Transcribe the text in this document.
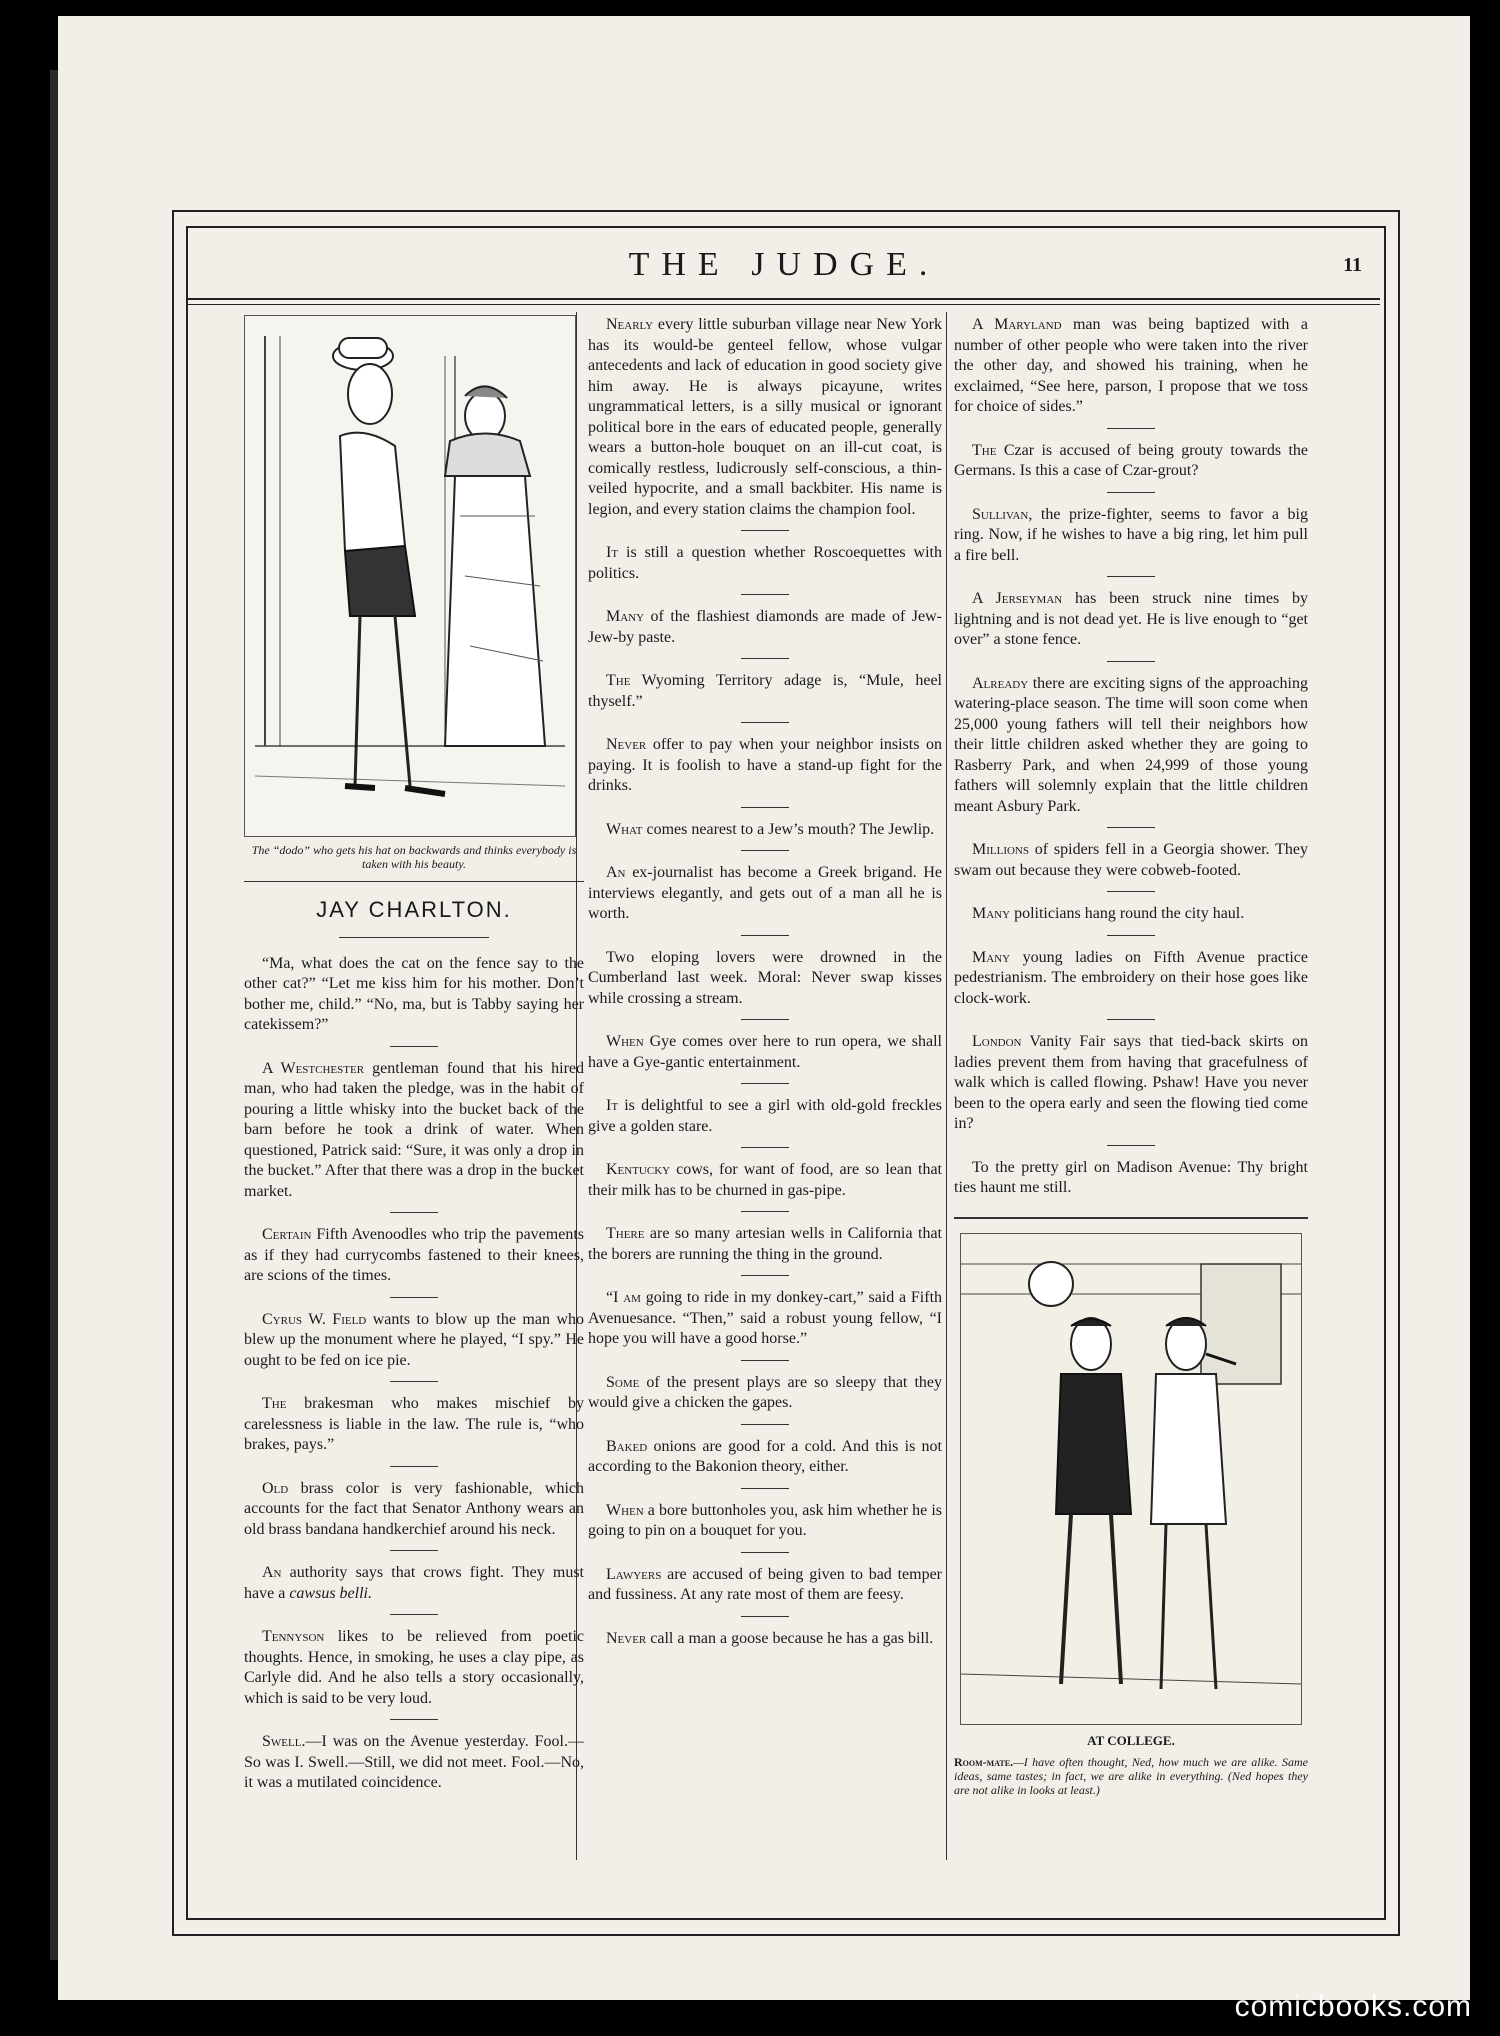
THE JUDGE.	11
The “dodo” who gets his hat on backwards and thinks everybody is taken with his beauty.
JAY CHARLTON.

“Ma, what does the cat on the fence say to the other cat?” “Let me kiss him for his mother. Don’t bother me, child.” “No, ma, but is Tabby saying her catekissem?”

A Westchester gentleman found that his hired man, who had taken the pledge, was in the habit of pouring a little whisky into the bucket back of the barn before he took a drink of water. When questioned, Patrick said: “Sure, it was only a drop in the bucket.” After that there was a drop in the bucket market.

Certain Fifth Avenoodles who trip the pavements as if they had currycombs fastened to their knees, are scions of the times.

Cyrus W. Field wants to blow up the man who blew up the monument where he played, “I spy.” He ought to be fed on ice pie.

The brakesman who makes mischief by carelessness is liable in the law. The rule is, “who brakes, pays.”

Old brass color is very fashionable, which accounts for the fact that Senator Anthony wears an old brass bandana handkerchief around his neck.

An authority says that crows fight. They must have a cawsus belli.

Tennyson likes to be relieved from poetic thoughts. Hence, in smoking, he uses a clay pipe, as Carlyle did. And he also tells a story occasionally, which is said to be very loud.

Swell.—I was on the Avenue yesterday. Fool.—So was I. Swell.—Still, we did not meet. Fool.—No, it was a mutilated coincidence.

Nearly every little suburban village near New York has its would-be genteel fellow, whose vulgar antecedents and lack of education in good society give him away. He is always picayune, writes ungrammatical letters, is a silly musical or ignorant political bore in the ears of educated people, generally wears a button-hole bouquet on an ill-cut coat, is comically restless, ludicrously self-conscious, a thin-veiled hypocrite, and a small backbiter. His name is legion, and every station claims the champion fool.

It is still a question whether Roscoequettes with politics.

Many of the flashiest diamonds are made of Jew-Jew-by paste.

The Wyoming Territory adage is, “Mule, heel thyself.”

Never offer to pay when your neighbor insists on paying. It is foolish to have a stand-up fight for the drinks.

What comes nearest to a Jew’s mouth? The Jewlip.

An ex-journalist has become a Greek brigand. He interviews elegantly, and gets out of a man all he is worth.

Two eloping lovers were drowned in the Cumberland last week. Moral: Never swap kisses while crossing a stream.

When Gye comes over here to run opera, we shall have a Gye-gantic entertainment.

It is delightful to see a girl with old-gold freckles give a golden stare.

Kentucky cows, for want of food, are so lean that their milk has to be churned in gas-pipe.

There are so many artesian wells in California that the borers are running the thing in the ground.

“I am going to ride in my donkey-cart,” said a Fifth Avenuesance. “Then,” said a robust young fellow, “I hope you will have a good horse.”

Some of the present plays are so sleepy that they would give a chicken the gapes.

Baked onions are good for a cold. And this is not according to the Bakonion theory, either.

When a bore buttonholes you, ask him whether he is going to pin on a bouquet for you.

Lawyers are accused of being given to bad temper and fussiness. At any rate most of them are feesy.

Never call a man a goose because he has a gas bill.

A Maryland man was being baptized with a number of other people who were taken into the river the other day, and showed his training, when he exclaimed, “See here, parson, I propose that we toss for choice of sides.”

The Czar is accused of being grouty towards the Germans. Is this a case of Czar-grout?

Sullivan, the prize-fighter, seems to favor a big ring. Now, if he wishes to have a big ring, let him pull a fire bell.

A Jerseyman has been struck nine times by lightning and is not dead yet. He is live enough to “get over” a stone fence.

Already there are exciting signs of the approaching watering-place season. The time will soon come when 25,000 young fathers will tell their neighbors how their little children asked whether they are going to Rasberry Park, and when 24,999 of those young fathers will solemnly explain that the little children meant Asbury Park.

Millions of spiders fell in a Georgia shower. They swam out because they were cobweb-footed.

Many politicians hang round the city haul.

Many young ladies on Fifth Avenue practice pedestrianism. The embroidery on their hose goes like clock-work.

London Vanity Fair says that tied-back skirts on ladies prevent them from having that gracefulness of walk which is called flowing. Pshaw! Have you never been to the opera early and seen the flowing tied come in?

To the pretty girl on Madison Avenue: Thy bright ties haunt me still.

AT COLLEGE.
Room-mate.—I have often thought, Ned, how much we are alike. Same ideas, same tastes; in fact, we are alike in everything. (Ned hopes they are not alike in looks at least.)
comicbooks.com
